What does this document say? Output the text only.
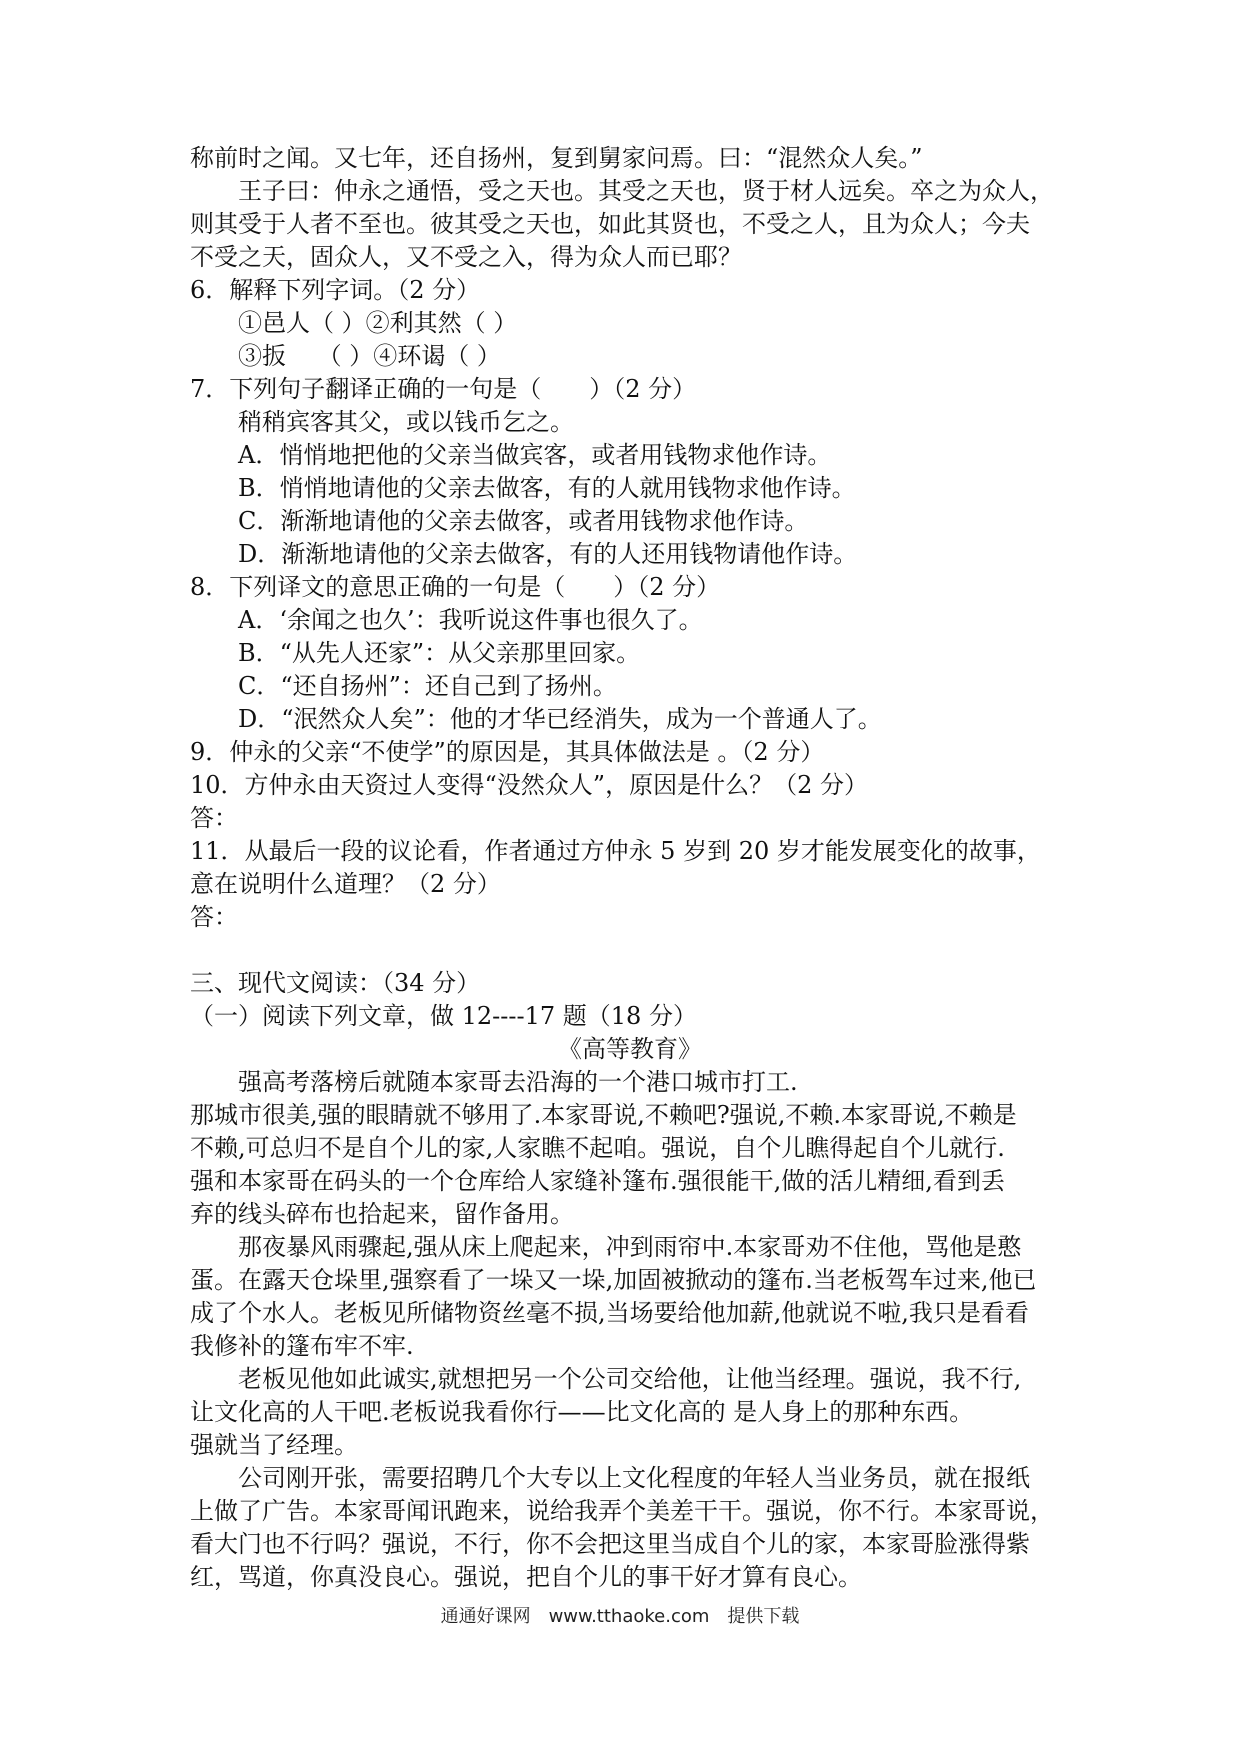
称前时之闻。又七年，还自扬州，复到舅家问焉。曰：“混然众人矣。”
王子曰：仲永之通悟，受之天也。其受之天也，贤于材人远矣。卒之为众人，
则其受于人者不至也。彼其受之天也，如此其贤也，不受之人，且为众人；今夫
不受之天，固众人，又不受之入，得为众人而已耶？
6．解释下列字词。（2 分）
①邑人（ ）②利其然（ ）
③扳　 （ ）④环谒（ ）
7．下列句子翻译正确的一句是（　　）（2 分）
稍稍宾客其父，或以钱币乞之。
A．悄悄地把他的父亲当做宾客，或者用钱物求他作诗。
B．悄悄地请他的父亲去做客，有的人就用钱物求他作诗。
C．渐渐地请他的父亲去做客，或者用钱物求他作诗。
D．渐渐地请他的父亲去做客，有的人还用钱物请他作诗。
8．下列译文的意思正确的一句是（　　）（2 分）
A．‘余闻之也久’：我听说这件事也很久了。
B．“从先人还家”：从父亲那里回家。
C．“还自扬州”：还自己到了扬州。
D．“泯然众人矣”：他的才华已经消失，成为一个普通人了。
9．仲永的父亲“不使学”的原因是，其具体做法是 。（2 分）
10．方仲永由天资过人变得“没然众人”，原因是什么？（2 分）
答：
11．从最后一段的议论看，作者通过方仲永 5 岁到 20 岁才能发展变化的故事，
意在说明什么道理？（2 分）
答：
三、现代文阅读：（34 分）
（一）阅读下列文章，做 12----17 题（18 分）
《高等教育》
强高考落榜后就随本家哥去沿海的一个港口城市打工.
那城市很美,强的眼睛就不够用了.本家哥说,不赖吧?强说,不赖.本家哥说,不赖是
不赖,可总归不是自个儿的家,人家瞧不起咱。强说，自个儿瞧得起自个儿就行.
强和本家哥在码头的一个仓库给人家缝补篷布.强很能干,做的活儿精细,看到丢
弃的线头碎布也拾起来，留作备用。
那夜暴风雨骤起,强从床上爬起来，冲到雨帘中.本家哥劝不住他，骂他是憨
蛋。在露天仓垛里,强察看了一垛又一垛,加固被掀动的篷布.当老板驾车过来,他已
成了个水人。老板见所储物资丝毫不损,当场要给他加薪,他就说不啦,我只是看看
我修补的篷布牢不牢.
老板见他如此诚实,就想把另一个公司交给他，让他当经理。强说，我不行,
让文化高的人干吧.老板说我看你行——比文化高的 是人身上的那种东西。
强就当了经理。
公司刚开张，需要招聘几个大专以上文化程度的年轻人当业务员，就在报纸
上做了广告。本家哥闻讯跑来，说给我弄个美差干干。强说，你不行。本家哥说，
看大门也不行吗？强说，不行，你不会把这里当成自个儿的家，本家哥脸涨得紫
红，骂道，你真没良心。强说，把自个儿的事干好才算有良心。
通通好课网　www.tthaoke.com　提供下载
